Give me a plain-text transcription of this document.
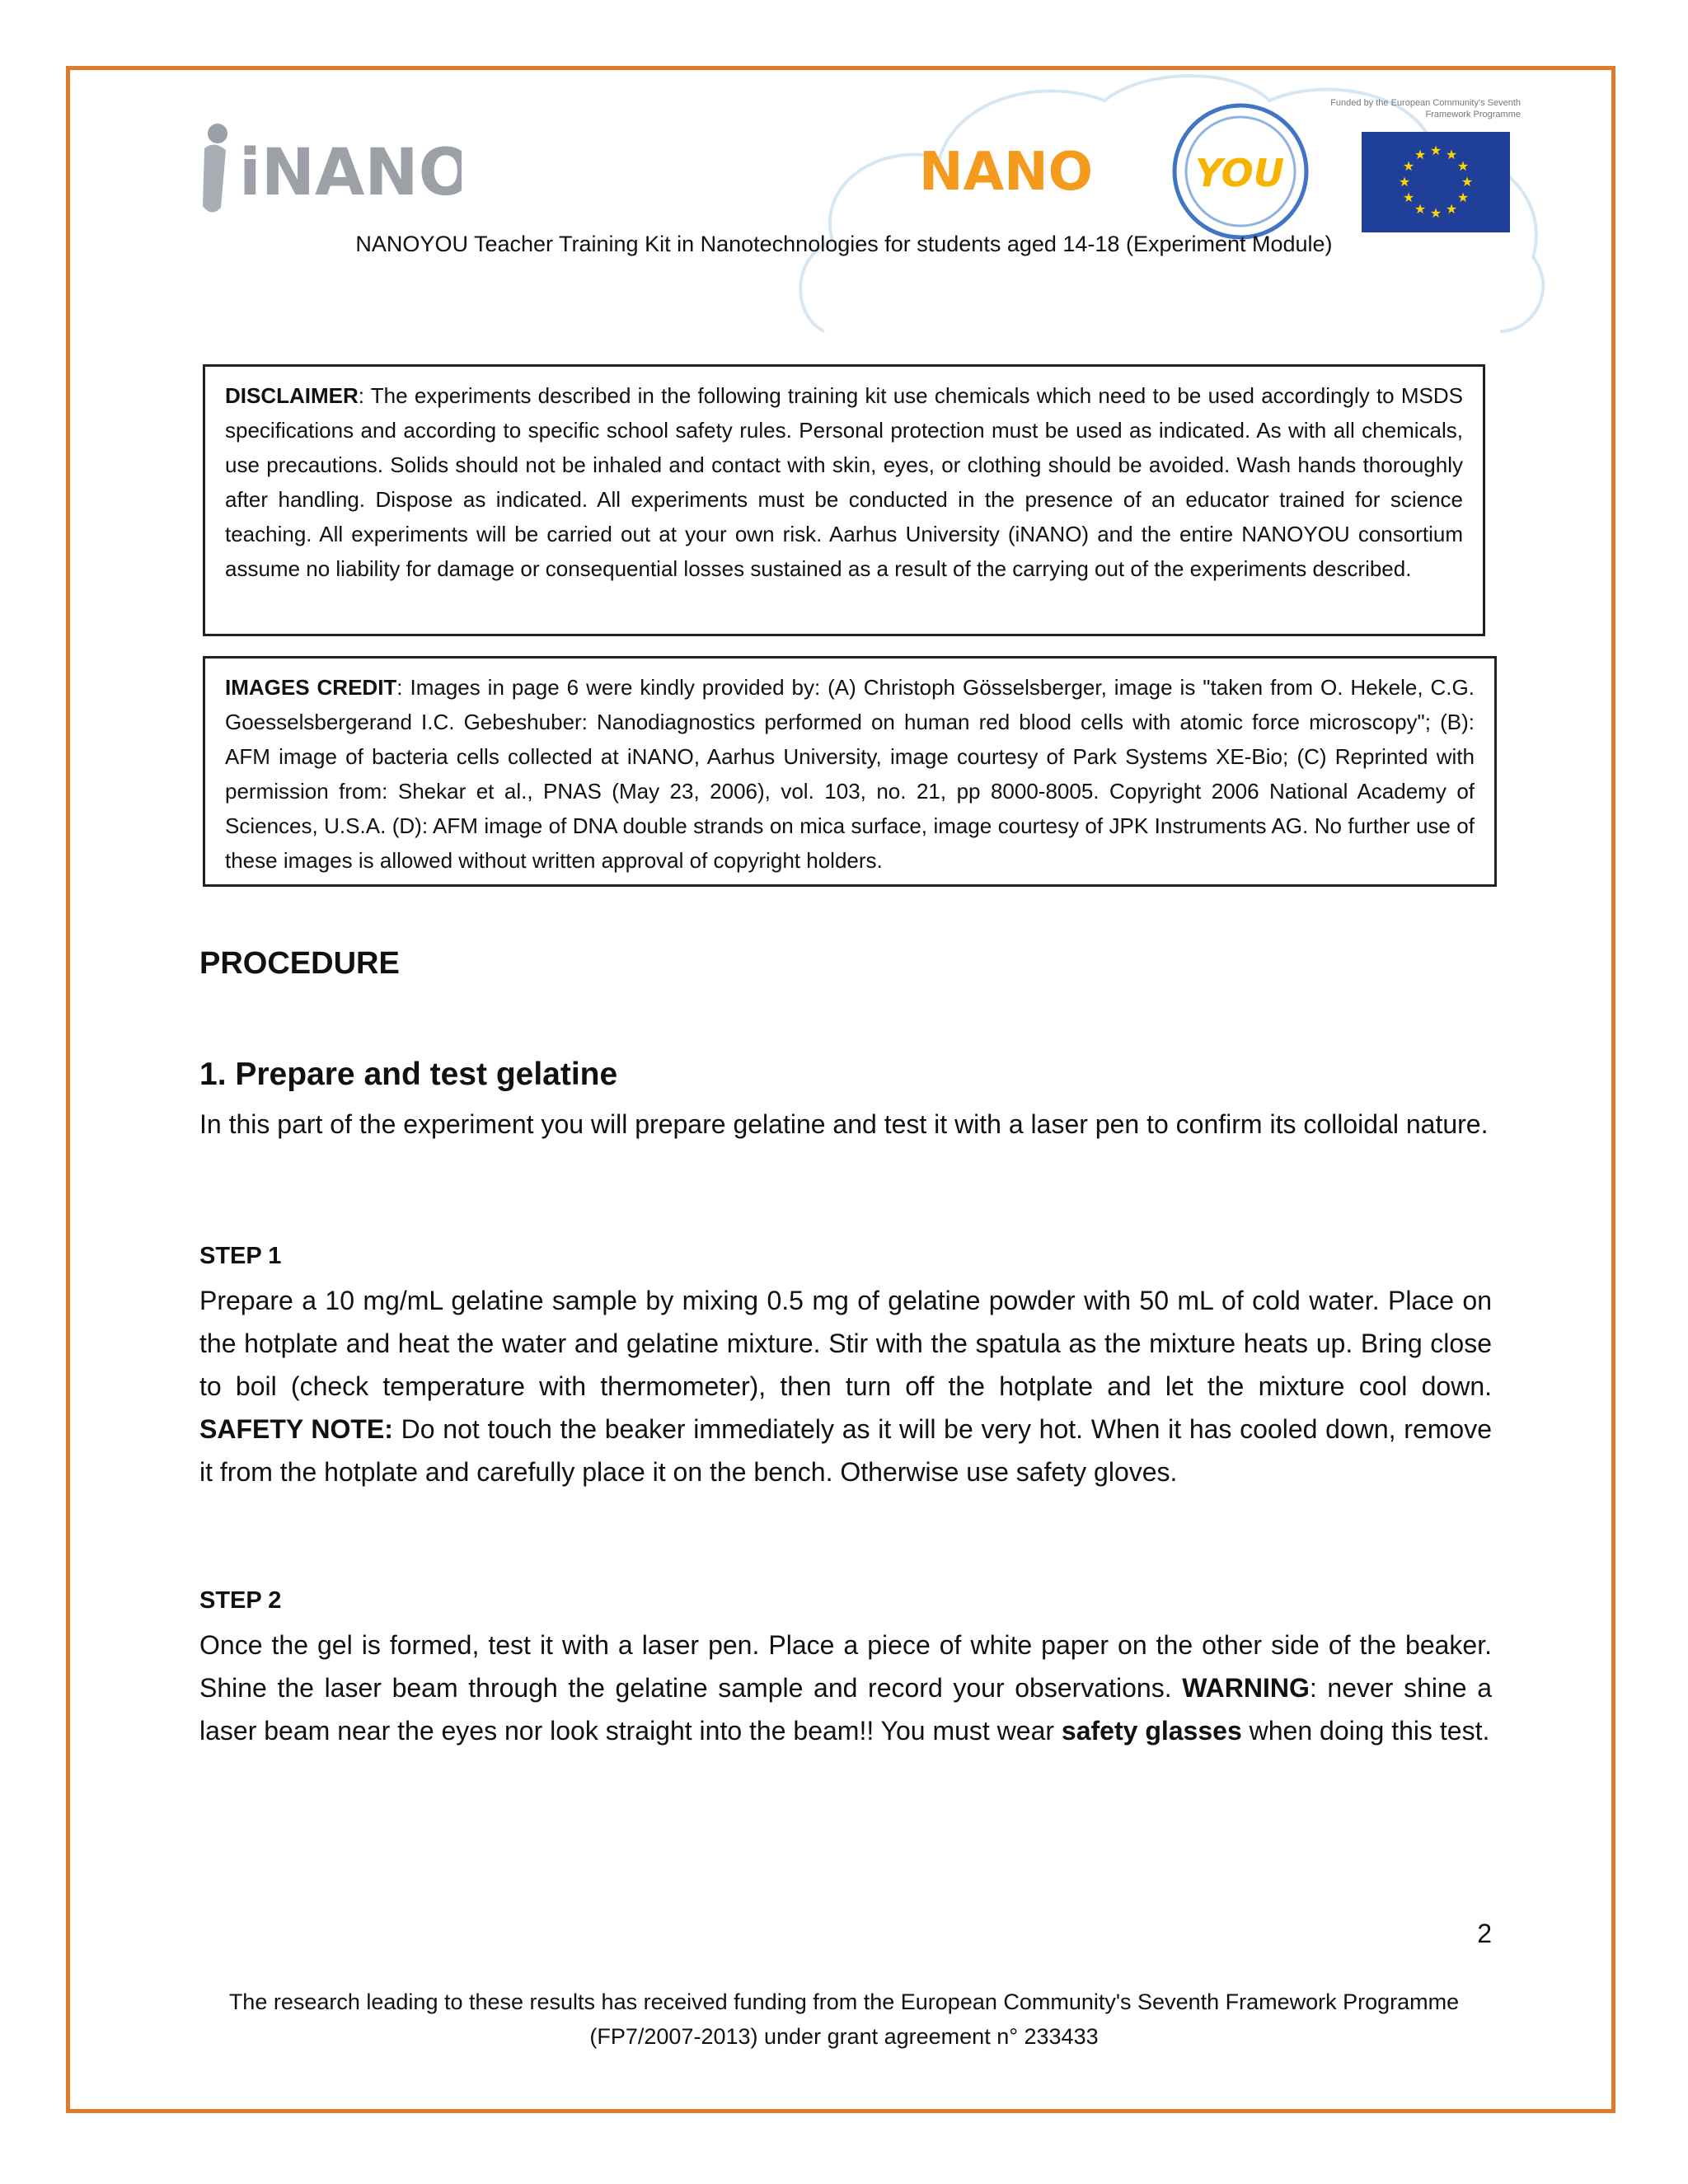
iNANO	NANO	YOU
Funded by the European Community's Seventh Framework Programme
★ ★
★
★
★
★
★
★
★
★
★
★
NANOYOU Teacher Training Kit in Nanotechnologies for students aged 14-18 (Experiment Module)
DISCLAIMER: The experiments described in the following training kit use chemicals which need to be used accordingly to MSDS specifications and according to specific school safety rules. Personal protection must be used as indicated. As with all chemicals, use precautions. Solids should not be inhaled and contact with skin, eyes, or clothing should be avoided. Wash hands thoroughly after handling. Dispose as indicated. All experiments must be conducted in the presence of an educator trained for science teaching. All experiments will be carried out at your own risk. Aarhus University (iNANO) and the entire NANOYOU consortium assume no liability for damage or consequential losses sustained as a result of the carrying out of the experiments described.
IMAGES CREDIT: Images in page 6 were kindly provided by: (A) Christoph Gösselsberger, image is "taken from O. Hekele, C.G. Goesselsbergerand I.C. Gebeshuber: Nanodiagnostics performed on human red blood cells with atomic force microscopy"; (B): AFM image of bacteria cells collected at iNANO, Aarhus University, image courtesy of Park Systems XE-Bio; (C) Reprinted with permission from: Shekar et al., PNAS (May 23, 2006), vol. 103, no. 21, pp 8000-8005. Copyright 2006 National Academy of Sciences, U.S.A. (D): AFM image of DNA double strands on mica surface, image courtesy of JPK Instruments AG. No further use of these images is allowed without written approval of copyright holders.
PROCEDURE
1. Prepare and test gelatine
In this part of the experiment you will prepare gelatine and test it with a laser pen to confirm its colloidal nature.
STEP 1
Prepare a 10 mg/mL gelatine sample by mixing 0.5 mg of gelatine powder with 50 mL of cold water. Place on the hotplate and heat the water and gelatine mixture. Stir with the spatula as the mixture heats up. Bring close to boil (check temperature with thermometer), then turn off the hotplate and let the mixture cool down. SAFETY NOTE: Do not touch the beaker immediately as it will be very hot. When it has cooled down, remove it from the hotplate and carefully place it on the bench. Otherwise use safety gloves.
STEP 2
Once the gel is formed, test it with a laser pen. Place a piece of white paper on the other side of the beaker. Shine the laser beam through the gelatine sample and record your observations. WARNING: never shine a laser beam near the eyes nor look straight into the beam!! You must wear safety glasses when doing this test.
2
The research leading to these results has received funding from the European Community's Seventh Framework Programme
(FP7/2007-2013) under grant agreement n° 233433
